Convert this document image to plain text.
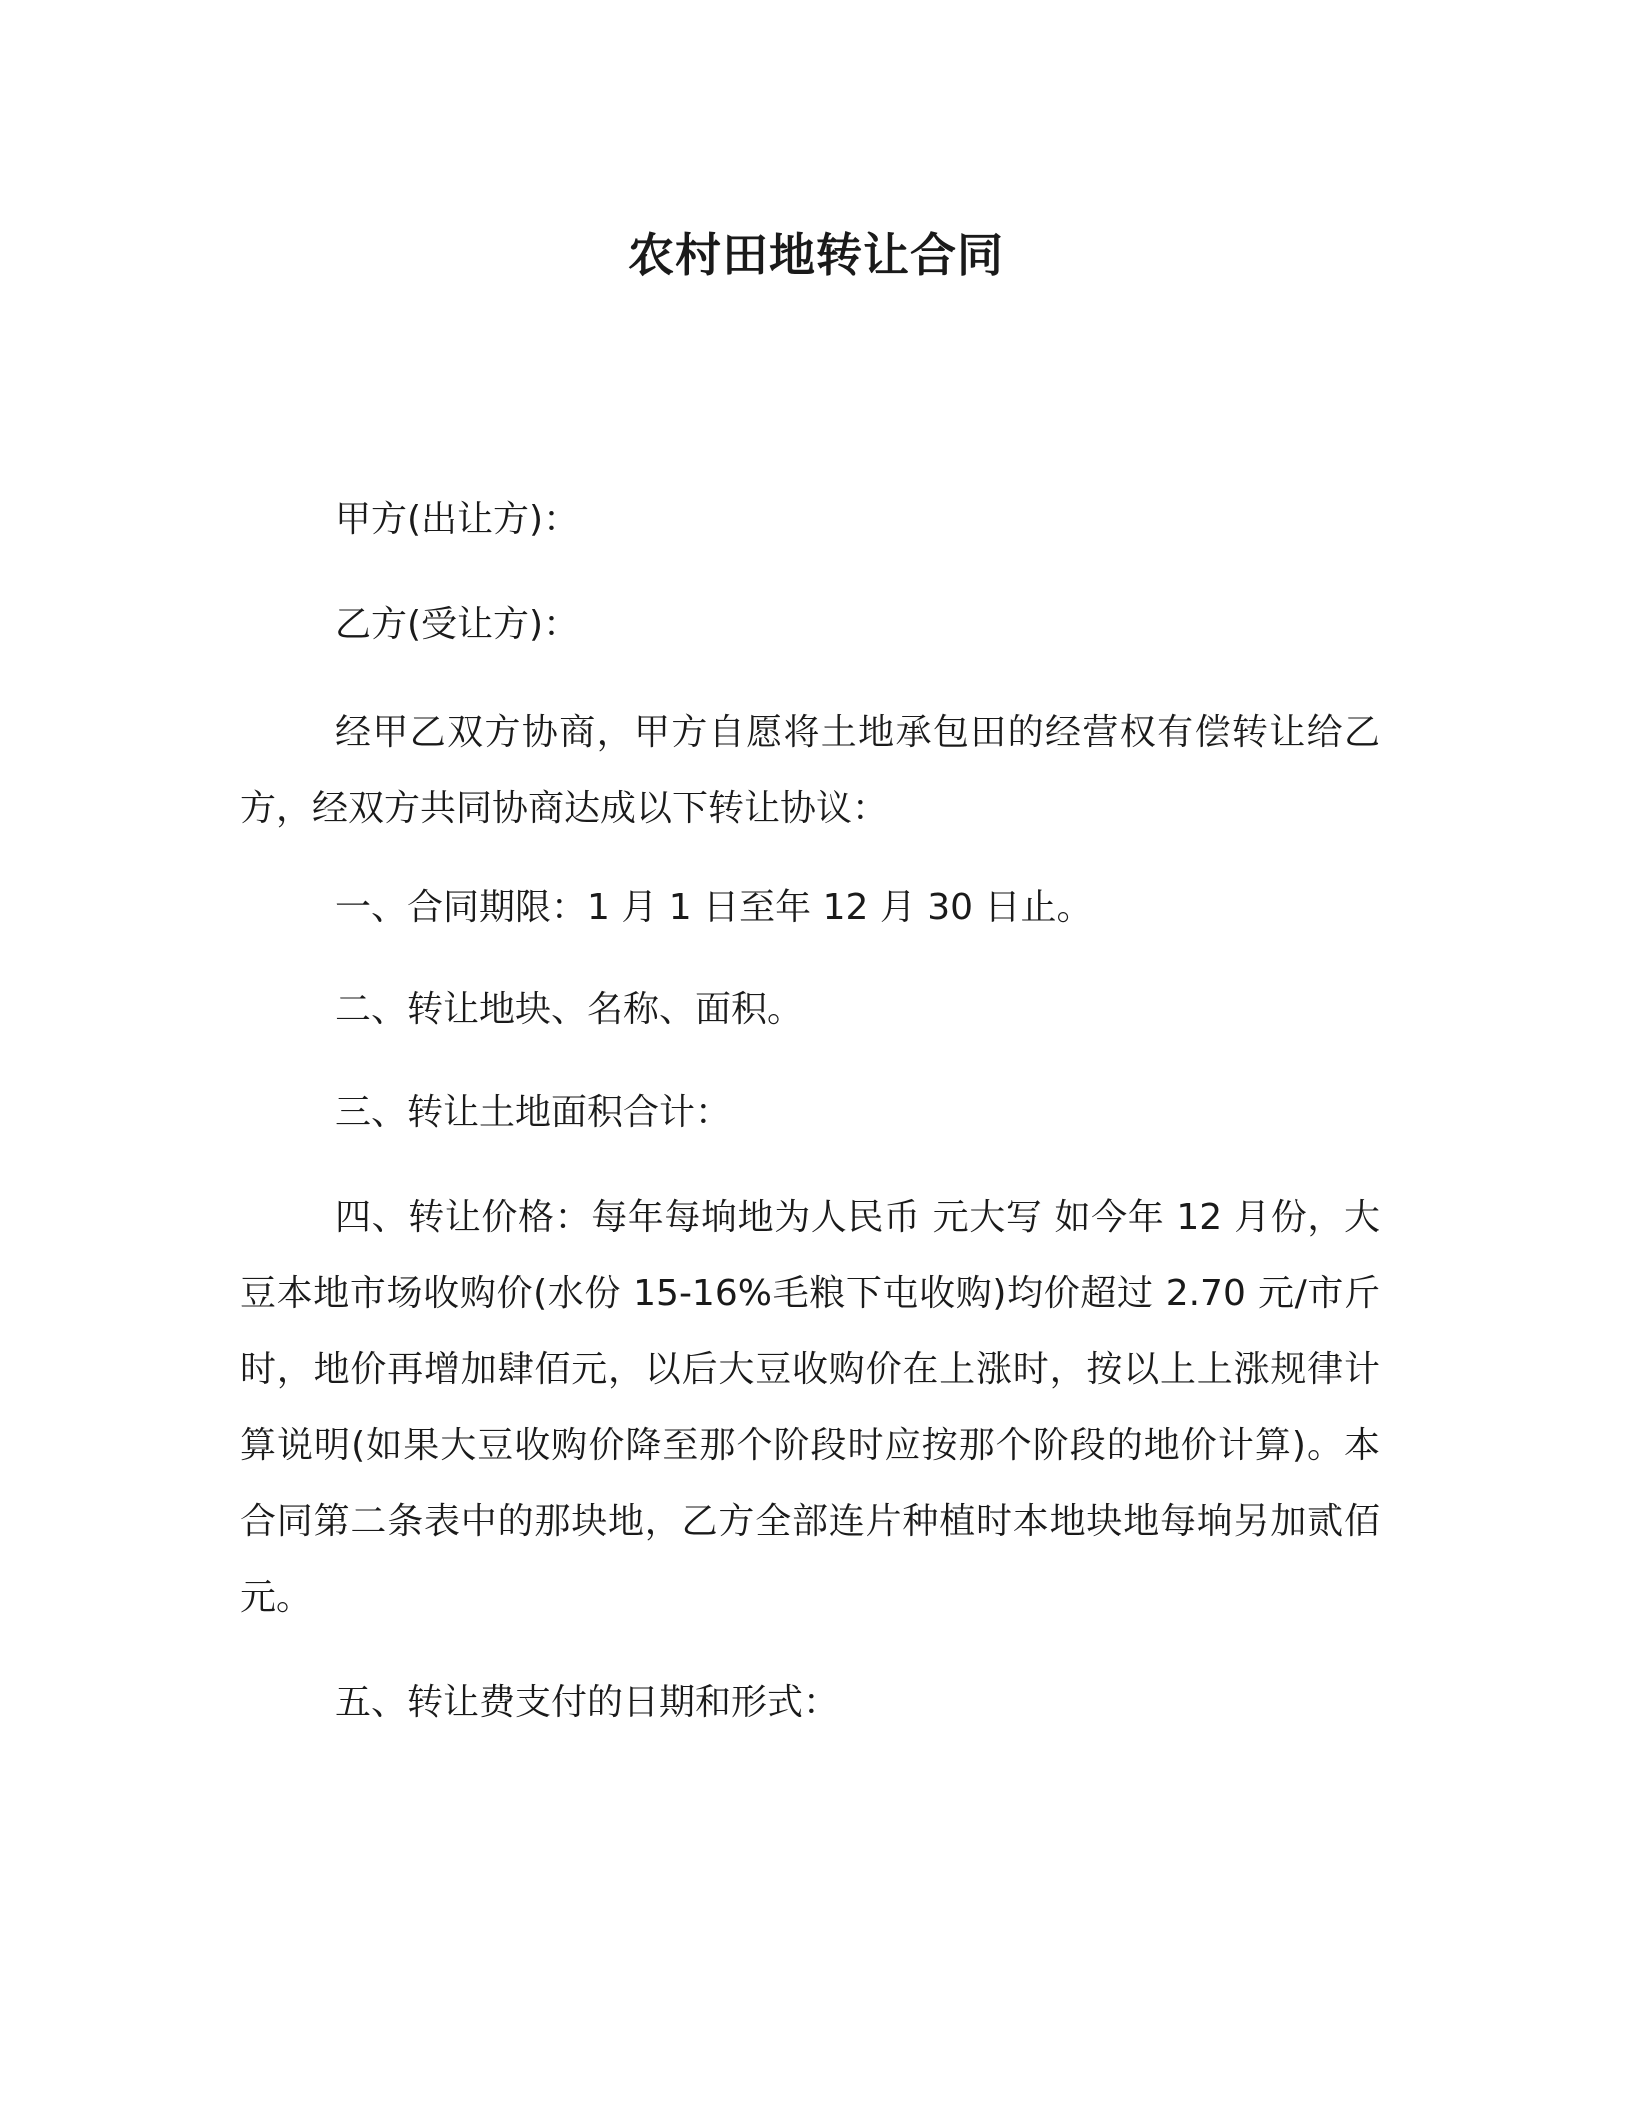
农村田地转让合同
甲方(出让方)：
乙方(受让方)：
经甲乙双方协商，甲方自愿将土地承包田的经营权有偿转让给乙方，经双方共同协商达成以下转让协议：
一、合同期限：1 月 1 日至年 12 月 30 日止。
二、转让地块、名称、面积。
三、转让土地面积合计：
四、转让价格：每年每垧地为人民币 元大写 如今年 12 月份，大豆本地市场收购价(水份 15-16%毛粮下屯收购)均价超过 2.70 元/市斤时，地价再增加肆佰元，以后大豆收购价在上涨时，按以上上涨规律计算说明(如果大豆收购价降至那个阶段时应按那个阶段的地价计算)。本合同第二条表中的那块地，乙方全部连片种植时本地块地每垧另加贰佰元。
五、转让费支付的日期和形式：
